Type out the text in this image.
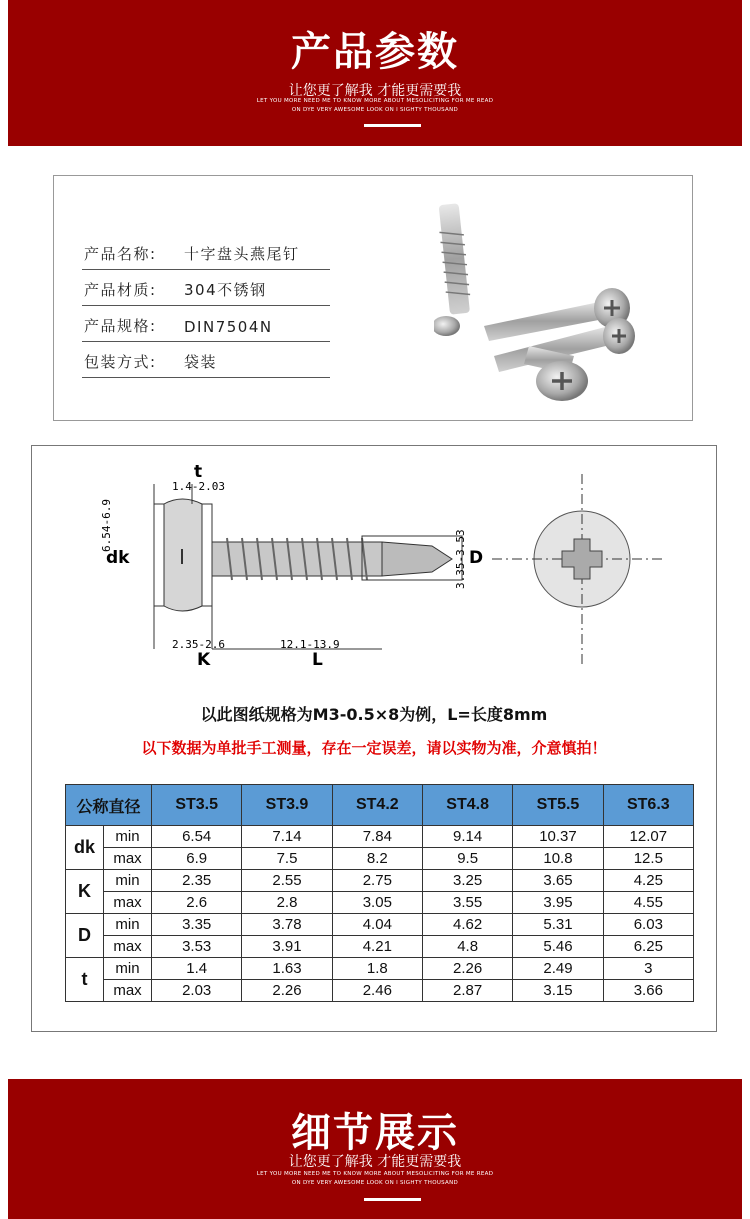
产品参数
让您更了解我 才能更需要我
LET YOU MORE NEED ME TO KNOW MORE ABOUT MESOLICITING FOR ME READ
ON DYE VERY AWESOME LOOK ON I SIGHTY THOUSAND
产品名称: 十字盘头燕尾钉
产品材质: 304不锈钢
产品规格: DIN7504N
包装方式: 袋装
t
1.4-2.03
dk
6.54-6.9
D
3.35-3.53
2.35-2.6
K
12.1-13.9
L
以此图纸规格为M3-0.5×8为例，L=长度8mm
以下数据为单批手工测量，存在一定误差，请以实物为准，介意慎拍！
公称直径		ST3.5	ST3.9	ST4.2	ST4.8	ST5.5	ST6.3
dk	min	6.54	7.14	7.84	9.14	10.37	12.07
	max	6.9	7.5	8.2	9.5	10.8	12.5
K	min	2.35	2.55	2.75	3.25	3.65	4.25
	max	2.6	2.8	3.05	3.55	3.95	4.55
D	min	3.35	3.78	4.04	4.62	5.31	6.03
	max	3.53	3.91	4.21	4.8	5.46	6.25
t	min	1.4	1.63	1.8	2.26	2.49	3
	max	2.03	2.26	2.46	2.87	3.15	3.66
细节展示
让您更了解我 才能更需要我
LET YOU MORE NEED ME TO KNOW MORE ABOUT MESOLICITING FOR ME READ
ON DYE VERY AWESOME LOOK ON I SIGHTY THOUSAND
